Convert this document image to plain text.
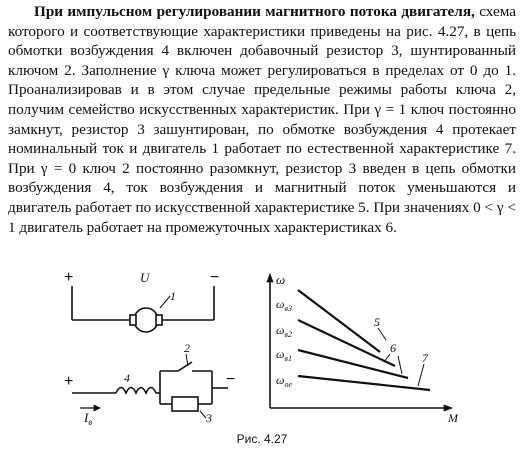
При импульсном регулировании магнитного потока двигателя, схема которого и соответствующие характеристики приведены на рис. 4.27, в цепь обмотки возбуждения 4 включен добавочный резистор 3, шунтированный ключом 2. Заполнение γ ключа может регулироваться в пределах от 0 до 1. Проанализировав и в этом случае предельные режимы работы ключа 2, получим семейство искусственных характеристик. При γ = 1 ключ постоянно замкнут, резистор 3 зашунтирован, по обмотке возбуждения 4 протекает номинальный ток и двигатель 1 работает по естественной характеристике 7. При γ = 0 ключ 2 постоянно разомкнут, резистор 3 введен в цепь обмотки возбуждения 4, ток возбуждения и магнитный поток уменьшаются и двигатель работает по искусственной характеристике 5. При значениях 0 < γ < 1 двигатель работает на промежуточных характеристиках 6.

+	−
U
1
2
3
4
+	−
$I_в$
ω
M
$\omega_{в3}$
$\omega_{в2}$
$\omega_{в1}$
$\omega_{ое}$
5
6
7
Рис. 4.27
